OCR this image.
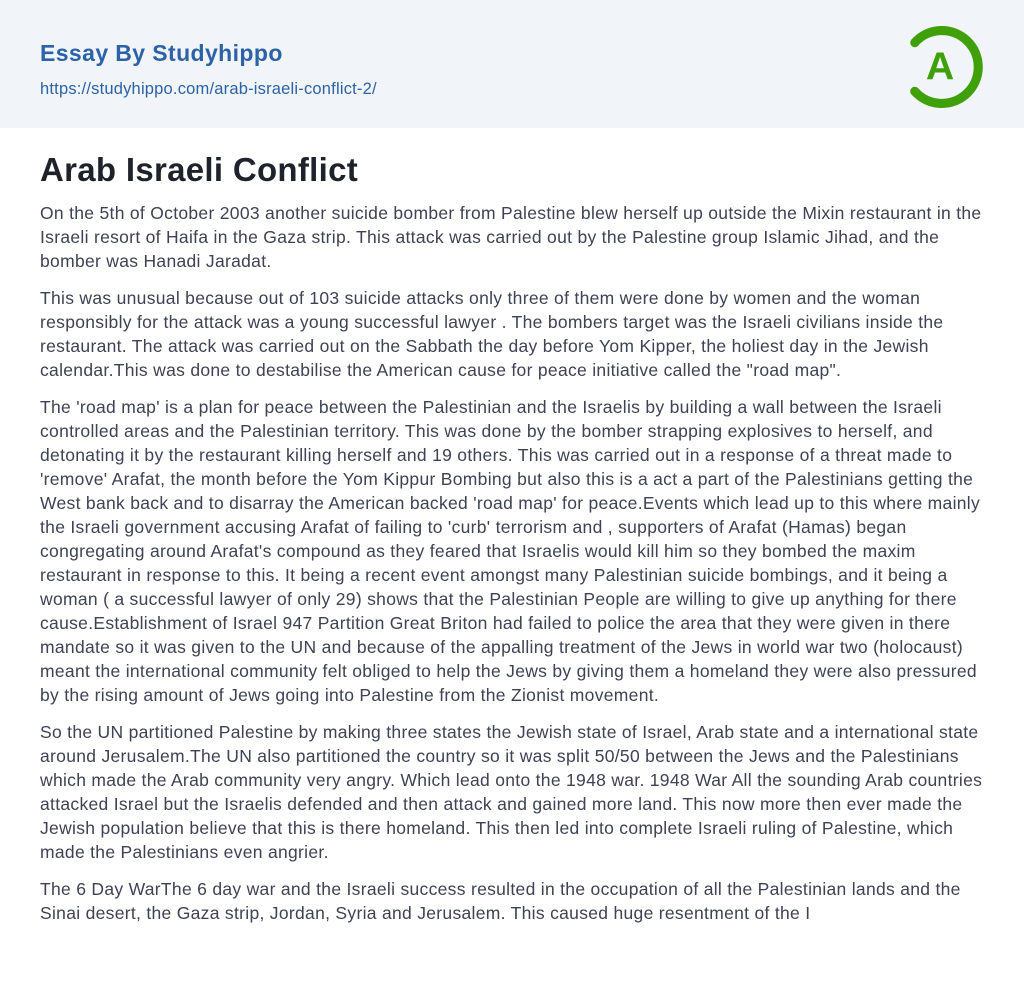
Essay By Studyhippo
https://studyhippo.com/arab-israeli-conflict-2/
A
Arab Israeli Conflict

On the 5th of October 2003 another suicide bomber from Palestine blew herself up outside the Mixin restaurant in the Israeli resort of Haifa in the Gaza strip. This attack was carried out by the Palestine group Islamic Jihad, and the bomber was Hanadi Jaradat.

This was unusual because out of 103 suicide attacks only three of them were done by women and the woman responsibly for the attack was a young successful lawyer . The bombers target was the Israeli civilians inside the restaurant. The attack was carried out on the Sabbath the day before Yom Kipper, the holiest day in the Jewish calendar.This was done to destabilise the American cause for peace initiative called the "road map".

The 'road map' is a plan for peace between the Palestinian and the Israelis by building a wall between the Israeli controlled areas and the Palestinian territory. This was done by the bomber strapping explosives to herself, and detonating it by the restaurant killing herself and 19 others. This was carried out in a response of a threat made to 'remove' Arafat, the month before the Yom Kippur Bombing but also this is a act a part of the Palestinians getting the West bank back and to disarray the American backed 'road map' for peace.Events which lead up to this where mainly the Israeli government accusing Arafat of failing to 'curb' terrorism and , supporters of Arafat (Hamas) began congregating around Arafat's compound as they feared that Israelis would kill him so they bombed the maxim restaurant in response to this. It being a recent event amongst many Palestinian suicide bombings, and it being a woman ( a successful lawyer of only 29) shows that the Palestinian People are willing to give up anything for there cause.Establishment of Israel 947 Partition Great Briton had failed to police the area that they were given in there mandate so it was given to the UN and because of the appalling treatment of the Jews in world war two (holocaust) meant the international community felt obliged to help the Jews by giving them a homeland they were also pressured by the rising amount of Jews going into Palestine from the Zionist movement.

So the UN partitioned Palestine by making three states the Jewish state of Israel, Arab state and a international state around Jerusalem.The UN also partitioned the country so it was split 50/50 between the Jews and the Palestinians which made the Arab community very angry. Which lead onto the 1948 war. 1948 War All the sounding Arab countries attacked Israel but the Israelis defended and then attack and gained more land. This now more then ever made the Jewish population believe that this is there homeland. This then led into complete Israeli ruling of Palestine, which made the Palestinians even angrier.

The 6 Day WarThe 6 day war and the Israeli success resulted in the occupation of all the Palestinian lands and the Sinai desert, the Gaza strip, Jordan, Syria and Jerusalem. This caused huge resentment of the I
